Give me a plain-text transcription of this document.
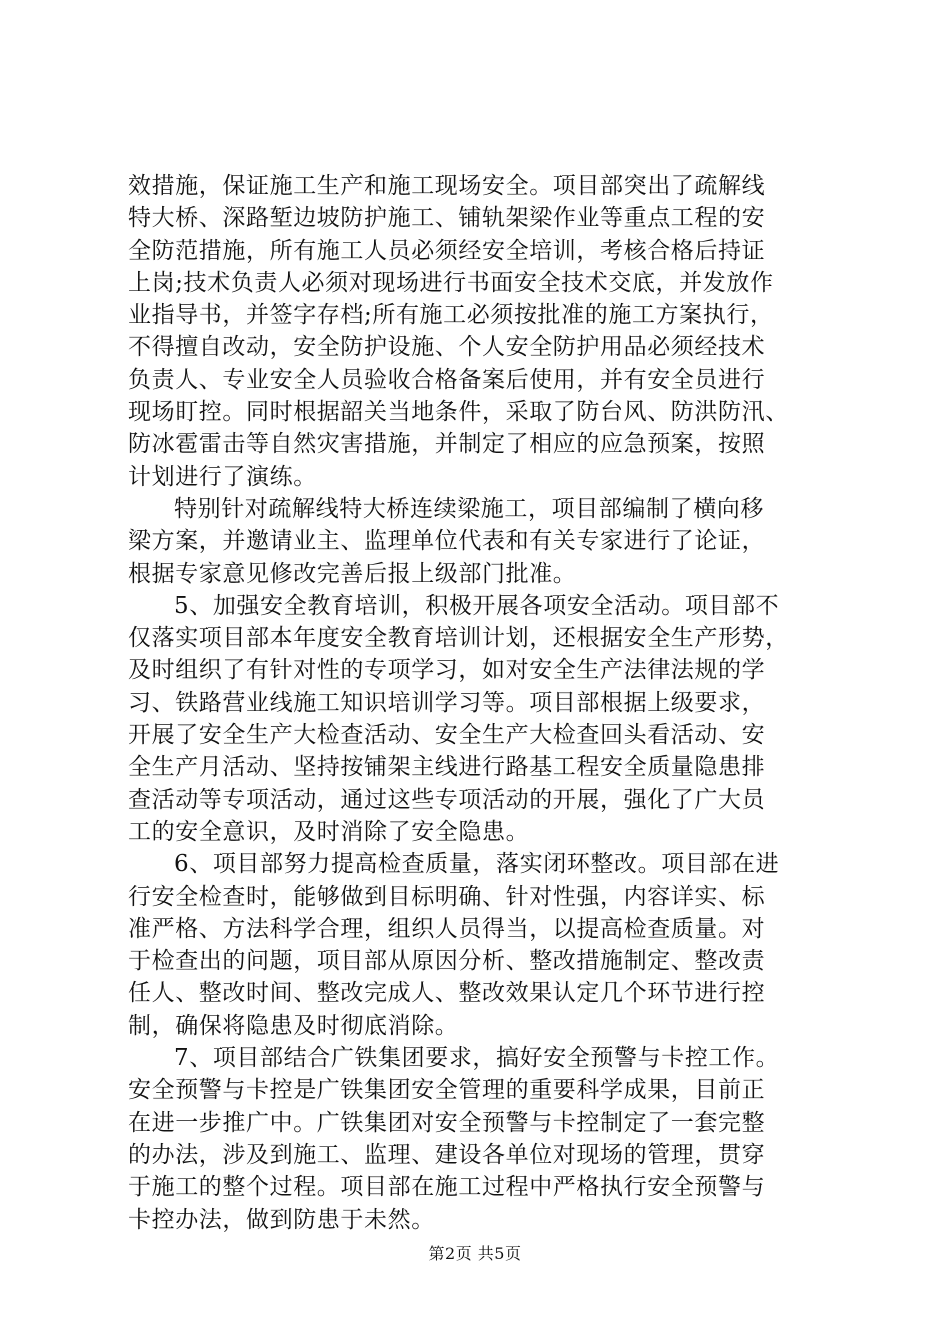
效措施，保证施工生产和施工现场安全。项目部突出了疏解线
特大桥、深路堑边坡防护施工、铺轨架梁作业等重点工程的安
全防范措施，所有施工人员必须经安全培训，考核合格后持证
上岗;技术负责人必须对现场进行书面安全技术交底，并发放作
业指导书，并签字存档;所有施工必须按批准的施工方案执行，
不得擅自改动，安全防护设施、个人安全防护用品必须经技术
负责人、专业安全人员验收合格备案后使用，并有安全员进行
现场盯控。同时根据韶关当地条件，采取了防台风、防洪防汛、
防冰雹雷击等自然灾害措施，并制定了相应的应急预案，按照
计划进行了演练。
特别针对疏解线特大桥连续梁施工，项目部编制了横向移
梁方案，并邀请业主、监理单位代表和有关专家进行了论证，
根据专家意见修改完善后报上级部门批准。
5、加强安全教育培训，积极开展各项安全活动。项目部不
仅落实项目部本年度安全教育培训计划，还根据安全生产形势，
及时组织了有针对性的专项学习，如对安全生产法律法规的学
习、铁路营业线施工知识培训学习等。项目部根据上级要求，
开展了安全生产大检查活动、安全生产大检查回头看活动、安
全生产月活动、坚持按铺架主线进行路基工程安全质量隐患排
查活动等专项活动，通过这些专项活动的开展，强化了广大员
工的安全意识，及时消除了安全隐患。
6、项目部努力提高检查质量，落实闭环整改。项目部在进
行安全检查时，能够做到目标明确、针对性强，内容详实、标
准严格、方法科学合理，组织人员得当，以提高检查质量。对
于检查出的问题，项目部从原因分析、整改措施制定、整改责
任人、整改时间、整改完成人、整改效果认定几个环节进行控
制，确保将隐患及时彻底消除。
7、项目部结合广铁集团要求，搞好安全预警与卡控工作。
安全预警与卡控是广铁集团安全管理的重要科学成果，目前正
在进一步推广中。广铁集团对安全预警与卡控制定了一套完整
的办法，涉及到施工、监理、建设各单位对现场的管理，贯穿
于施工的整个过程。项目部在施工过程中严格执行安全预警与
卡控办法，做到防患于未然。
第2页 共5页
